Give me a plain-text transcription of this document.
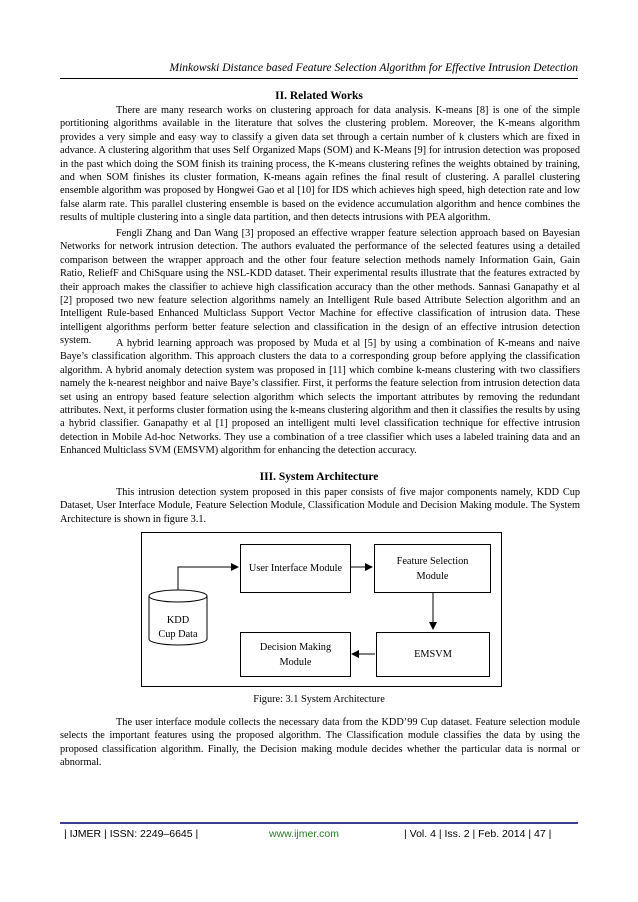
Minkowski Distance based Feature Selection Algorithm for Effective Intrusion Detection
II. Related Works

There are many research works on clustering approach for data analysis. K-means [8] is one of the simple portitioning algorithms available in the literature that solves the clustering problem. Moreover, the K-means algorithm provides a very simple and easy way to classify a given data set through a certain number of k clusters which are fixed in advance. A clustering algorithm that uses Self Organized Maps (SOM) and K-Means [9] for intrusion detection was proposed in the past which doing the SOM finish its training process, the K-means clustering refines the weights obtained by training, and when SOM finishes its cluster formation, K-means again refines the final result of clustering. A parallel clustering ensemble algorithm was proposed by Hongwei Gao et al [10] for IDS which achieves high speed, high detection rate and low false alarm rate. This parallel clustering ensemble is based on the evidence accumulation algorithm and hence combines the results of multiple clustering into a single data partition, and then detects intrusions with PEA algorithm.

Fengli Zhang and Dan Wang [3] proposed an effective wrapper feature selection approach based on Bayesian Networks for network intrusion detection. The authors evaluated the performance of the selected features using a detailed comparison between the wrapper approach and the other four feature selection methods namely Information Gain, Gain Ratio, ReliefF and ChiSquare using the NSL-KDD dataset. Their experimental results illustrate that the features extracted by their approach makes the classifier to achieve high classification accuracy than the other methods. Sannasi Ganapathy et al [2] proposed two new feature selection algorithms namely an Intelligent Rule based Attribute Selection algorithm and an Intelligent Rule-based Enhanced Multiclass Support Vector Machine for effective classification of intrusion data. These intelligent algorithms perform better feature selection and classification in the design of an effective intrusion detection system.	A hybrid learning approach was proposed by Muda et al [5] by using a combination of K-means and naive Baye’s classification algorithm. This approach clusters the data to a corresponding group before applying the classification algorithm. A hybrid anomaly detection system was proposed in [11] which combine k-means clustering with two classifiers namely the k-nearest neighbor and naive Baye’s classifier. First, it performs the feature selection from intrusion detection data set using an entropy based feature selection algorithm which selects the important attributes by removing the redundant attributes. Next, it performs cluster formation using the k-means clustering algorithm and then it classifies the results by using a hybrid classifier. Ganapathy et al [1] proposed an intelligent multi level classification technique for effective intrusion detection in Mobile Ad-hoc Networks. They use a combination of a tree classifier which uses a labeled training data and an Enhanced Multiclass SVM (EMSVM) algorithm for enhancing the detection accuracy.

III. System Architecture

This intrusion detection system proposed in this paper consists of five major components namely, KDD Cup Dataset, User Interface Module, Feature Selection Module, Classification Module and Decision Making module. The System Architecture is shown in figure 3.1.

User Interface Module
Feature Selection Module
EMSVM
Decision Making Module
KDD
Cup Data
Figure: 3.1 System Architecture

The user interface module collects the necessary data from the KDD’99 Cup dataset. Feature selection module selects the important features using the proposed algorithm. The Classification module classifies the data by using the proposed classification algorithm. Finally, the Decision making module decides whether the particular data is normal or abnormal.

| IJMER | ISSN: 2249–6645 |	www.ijmer.com	| Vol. 4 | Iss. 2 | Feb. 2014 | 47 |
